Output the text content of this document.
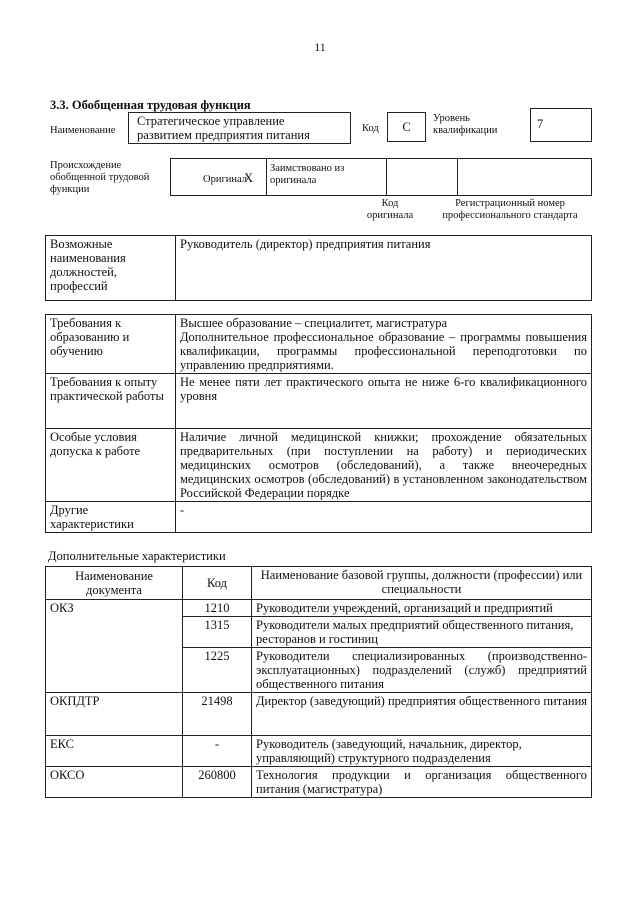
11
3.3. Обобщенная трудовая функция
Наименование
Стратегическое управление развитием предприятия питания	Код	C
Уровень квалификации	7
Происхождение обобщенной трудовой функции
Оригинал
X
Заимствовано из оригинала
Код оригинала
Регистрационный номер профессионального стандарта
Возможные наименования должностей, профессий	Руководитель (директор) предприятия питания
Требования к образованию и обучению	Высшее образование – специалитет, магистратура
Дополнительное профессиональное образование – программы повышения квалификации, программы профессиональной переподготовки по управлению предприятиями.

Требования к опыту практической работы	Не менее пяти лет практического опыта не ниже 6-го квалификационного уровня
Особые условия допуска к работе	Наличие личной медицинской книжки; прохождение обязательных предварительных (при поступлении на работу) и периодических медицинских осмотров (обследований), а также внеочередных медицинских осмотров (обследований) в установленном законодательством Российской Федерации порядке
Другие характеристики	-
Дополнительные характеристики
Наименование документа	Код	Наименование базовой группы, должности (профессии) или специальности
ОКЗ	1210	Руководители учреждений, организаций и предприятий
	1315	Руководители малых предприятий общественного питания, ресторанов и гостиниц
	1225	Руководители специализированных (производственно-эксплуатационных) подразделений (служб) предприятий общественного питания
ОКПДТР	21498	Директор (заведующий) предприятия общественного питания
ЕКС	-	Руководитель (заведующий, начальник, директор, управляющий) структурного подразделения
ОКСО	260800	Технология продукции и организация общественного питания (магистратура)
